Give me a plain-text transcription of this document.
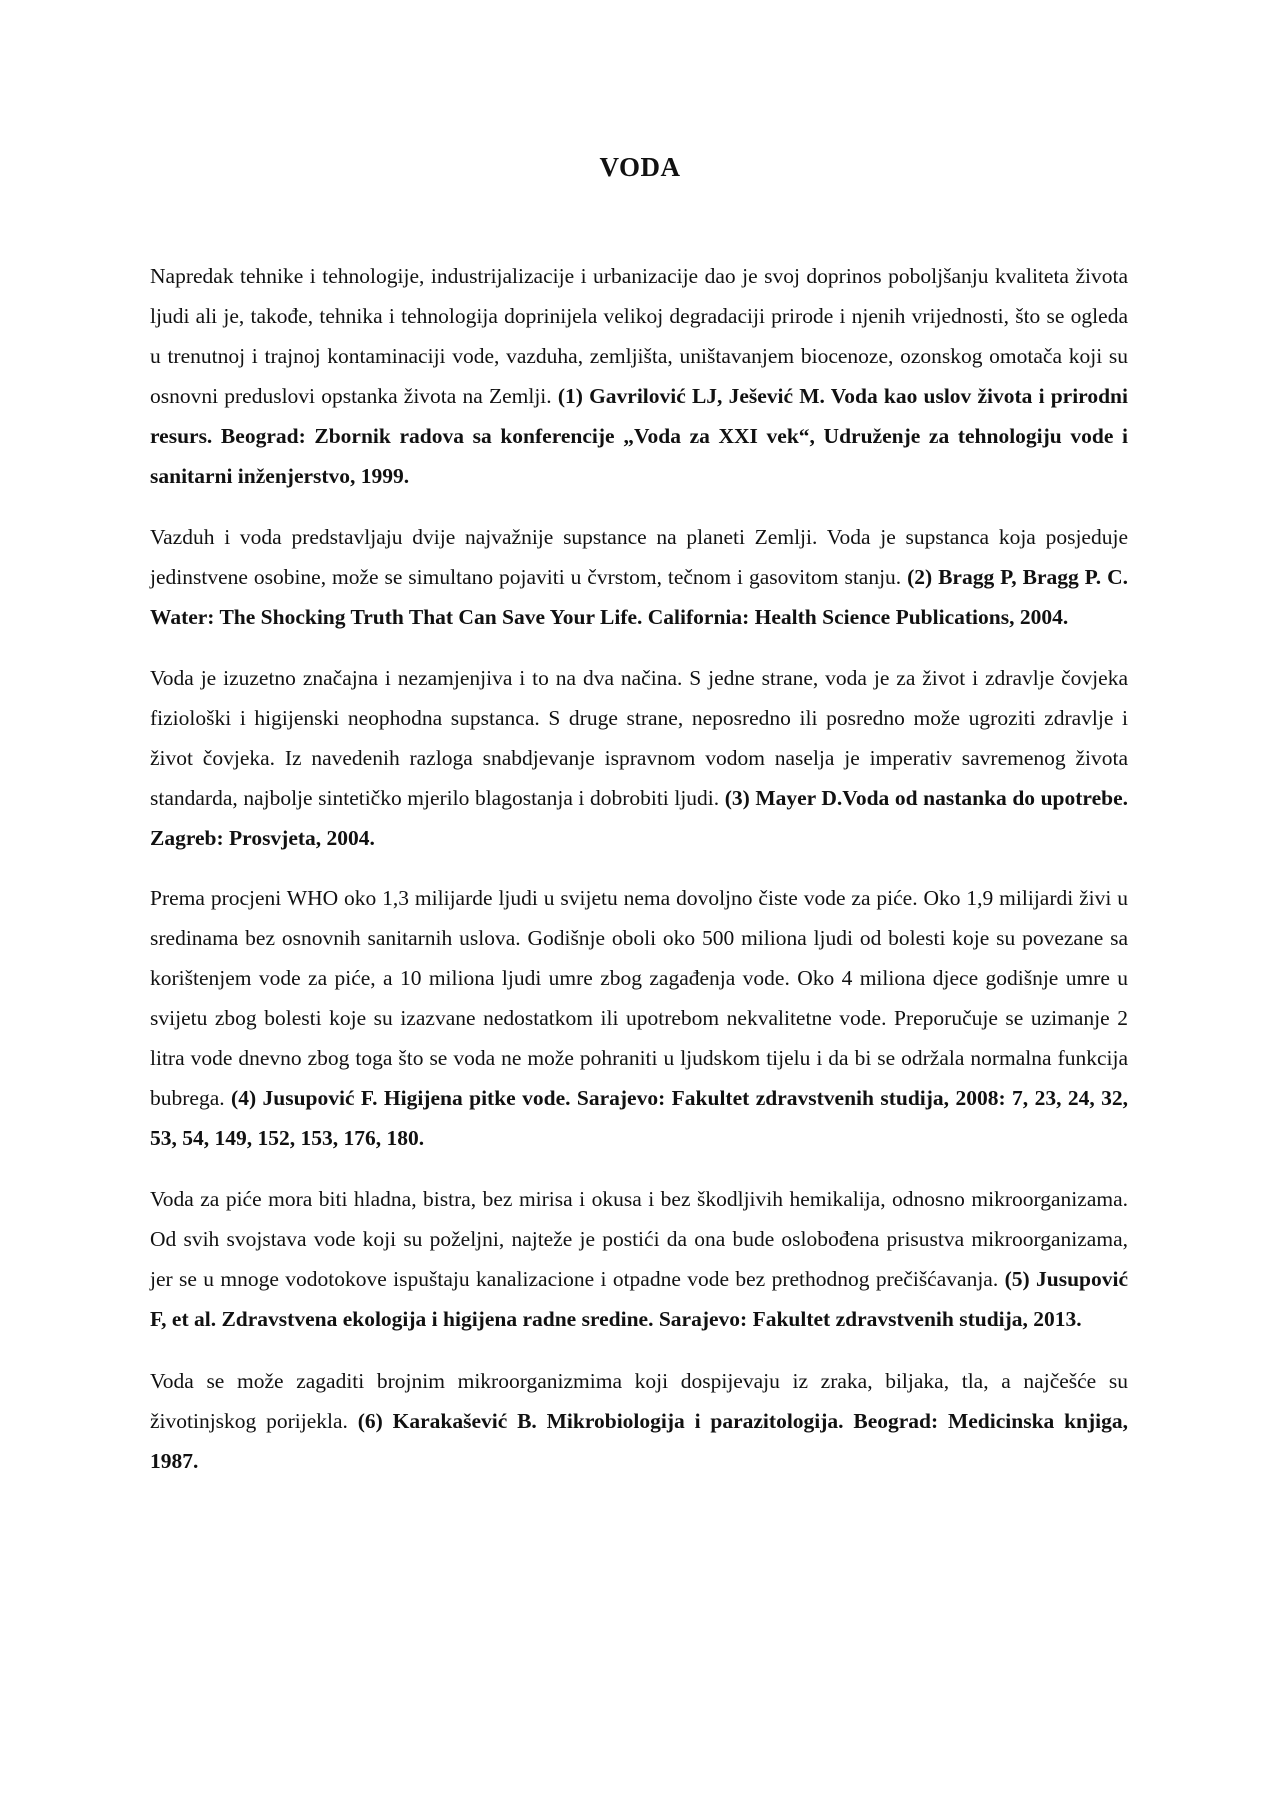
VODA

Napredak tehnike i tehnologije, industrijalizacije i urbanizacije dao je svoj doprinos poboljšanju kvaliteta života ljudi ali je, takođe, tehnika i tehnologija doprinijela velikoj degradaciji prirode i njenih vrijednosti, što se ogleda u trenutnoj i trajnoj kontaminaciji vode, vazduha, zemljišta, uništavanjem biocenoze, ozonskog omotača koji su osnovni preduslovi opstanka života na Zemlji. (1) Gavrilović LJ, Ješević M. Voda kao uslov života i prirodni resurs. Beograd: Zbornik radova sa konferencije „Voda za XXI vek“, Udruženje za tehnologiju vode i sanitarni inženjerstvo, 1999.

Vazduh i voda predstavljaju dvije najvažnije supstance na planeti Zemlji. Voda je supstanca koja posjeduje jedinstvene osobine, može se simultano pojaviti u čvrstom, tečnom i gasovitom stanju. (2) Bragg P, Bragg P. C. Water: The Shocking Truth That Can Save Your Life. California: Health Science Publications, 2004.

Voda je izuzetno značajna i nezamjenjiva i to na dva načina. S jedne strane, voda je za život i zdravlje čovjeka fiziološki i higijenski neophodna supstanca. S druge strane, neposredno ili posredno može ugroziti zdravlje i život čovjeka. Iz navedenih razloga snabdjevanje ispravnom vodom naselja je imperativ savremenog života standarda, najbolje sintetičko mjerilo blagostanja i dobrobiti ljudi. (3) Mayer D.Voda od nastanka do upotrebe. Zagreb: Prosvjeta, 2004.

Prema procjeni WHO oko 1,3 milijarde ljudi u svijetu nema dovoljno čiste vode za piće. Oko 1,9 milijardi živi u sredinama bez osnovnih sanitarnih uslova. Godišnje oboli oko 500 miliona ljudi od bolesti koje su povezane sa korištenjem vode za piće, a 10 miliona ljudi umre zbog zagađenja vode. Oko 4 miliona djece godišnje umre u svijetu zbog bolesti koje su izazvane nedostatkom ili upotrebom nekvalitetne vode. Preporučuje se uzimanje 2 litra vode dnevno zbog toga što se voda ne može pohraniti u ljudskom tijelu i da bi se održala normalna funkcija bubrega. (4) Jusupović F. Higijena pitke vode. Sarajevo: Fakultet zdravstvenih studija, 2008: 7, 23, 24, 32, 53, 54, 149, 152, 153, 176, 180.

Voda za piće mora biti hladna, bistra, bez mirisa i okusa i bez škodljivih hemikalija, odnosno mikroorganizama. Od svih svojstava vode koji su poželjni, najteže je postići da ona bude oslobođena prisustva mikroorganizama, jer se u mnoge vodotokove ispuštaju kanalizacione i otpadne vode bez prethodnog prečišćavanja. (5) Jusupović F, et al. Zdravstvena ekologija i higijena radne sredine. Sarajevo: Fakultet zdravstvenih studija, 2013.

Voda se može zagaditi brojnim mikroorganizmima koji dospijevaju iz zraka, biljaka, tla, a najčešće su životinjskog porijekla. (6) Karakašević B. Mikrobiologija i parazitologija. Beograd: Medicinska knjiga, 1987.
